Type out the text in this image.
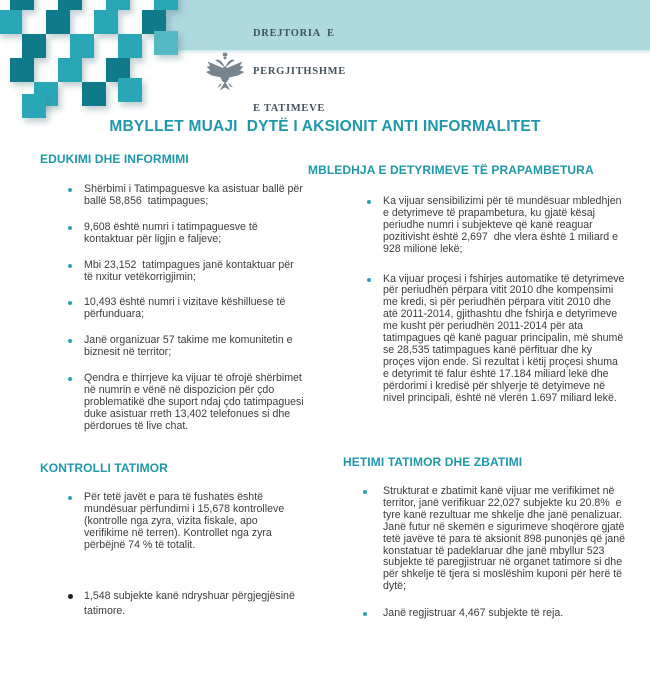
DREJTORIA  E

PERGJITHSHME

E TATIMEVE

MBYLLET MUAJI  DYTË I AKSIONIT ANTI INFORMALITET
EDUKIMI DHE INFORMIMI
Shërbimi i Tatimpaguesve ka asistuar ballë për ballë 58,856  tatimpagues;
9,608 është numri i tatimpaguesve të kontaktuar për ligjin e faljeve;
Mbi 23,152  tatimpagues janë kontaktuar për të nxitur vetëkorrigjimin;
10,493 është numri i vizitave këshilluese të përfunduara;
Janë organizuar 57 takime me komunitetin e biznesit në territor;
Qendra e thirrjeve ka vijuar të ofrojë shërbimet në numrin e vënë në dispozicion për çdo problematikë dhe suport ndaj çdo tatimpaguesi duke asistuar rreth 13,402 telefonues si dhe përdorues të live chat.
KONTROLLI TATIMOR
Për tetë javët e para të fushatës është mundësuar përfundimi i 15,678 kontrolleve (kontrolle nga zyra, vizita fiskale, apo verifikime në terren). Kontrollet nga zyra përbëjnë 74 % të totalit.
1,548 subjekte kanë ndryshuar përgjegjësinë tatimore.
MBLEDHJA E DETYRIMEVE TË PRAPAMBETURA
Ka vijuar sensibilizimi për të mundësuar mbledhjen e detyrimeve të prapambetura, ku gjatë kësaj periudhe numri i subjekteve që kanë reaguar pozitivisht është 2,697  dhe vlera është 1 miliard e 928 milionë lekë;
Ka vijuar proçesi i fshirjes automatike të detyrimeve për periudhën përpara vitit 2010 dhe kompensimi me kredi, si për periudhën përpara vitit 2010 dhe atë 2011-2014, gjithashtu dhe fshirja e detyrimeve me kusht për periudhën 2011-2014 për ata tatimpagues që kanë paguar principalin, më shumë se 28,535 tatimpagues kanë përfituar dhe ky proçes vijon ende. Si rezultat i këtij proçesi shuma e detyrimit të falur është 17.184 miliard lekë dhe përdorimi i kredisë për shlyerje të detyimeve në nivel principali, është në vlerën 1.697 miliard lekë.
HETIMI TATIMOR DHE ZBATIMI
Strukturat e zbatimit kanë vijuar me verifikimet në territor, janë verifikuar 22,027 subjekte ku 20.8%  e tyre kanë rezultuar me shkelje dhe janë penalizuar. Janë futur në skemën e sigurimeve shoqërore gjatë tetë javëve të para të aksionit 898 punonjës që janë konstatuar të padeklaruar dhe janë mbyllur 523 subjekte të paregjistruar në organet tatimore si dhe për shkelje të tjera si moslëshim kuponi për herë të dytë;
Janë regjistruar 4,467 subjekte të reja.
